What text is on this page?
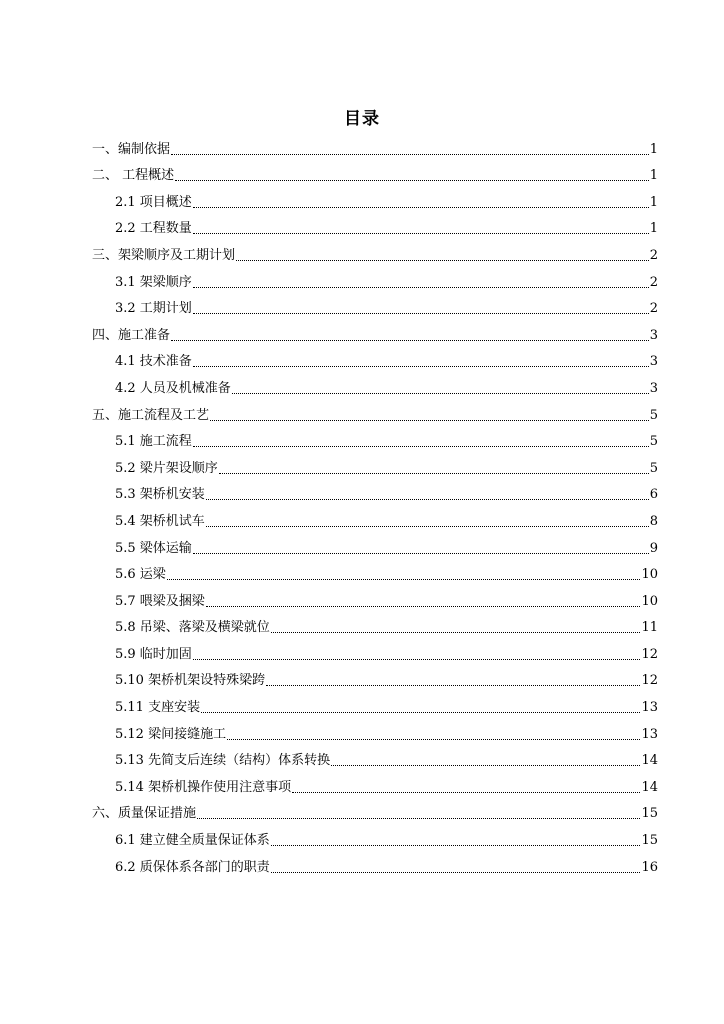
目录
一、编制依据	1
二、 工程概述	1
2.1 项目概述	1
2.2 工程数量	1
三、架梁顺序及工期计划	2
3.1 架梁顺序	2
3.2 工期计划	2
四、施工准备	3
4.1 技术准备	3
4.2 人员及机械准备	3
五、施工流程及工艺	5
5.1 施工流程	5
5.2 梁片架设顺序	5
5.3 架桥机安装	6
5.4 架桥机试车	8
5.5 梁体运输	9
5.6 运梁	10
5.7 喂梁及捆梁	10
5.8 吊梁、落梁及横梁就位	11
5.9 临时加固	12
5.10 架桥机架设特殊梁跨	12
5.11 支座安装	13
5.12 梁间接缝施工	13
5.13 先简支后连续（结构）体系转换	14
5.14 架桥机操作使用注意事项	14
六、质量保证措施	15
6.1 建立健全质量保证体系	15
6.2 质保体系各部门的职责	16
